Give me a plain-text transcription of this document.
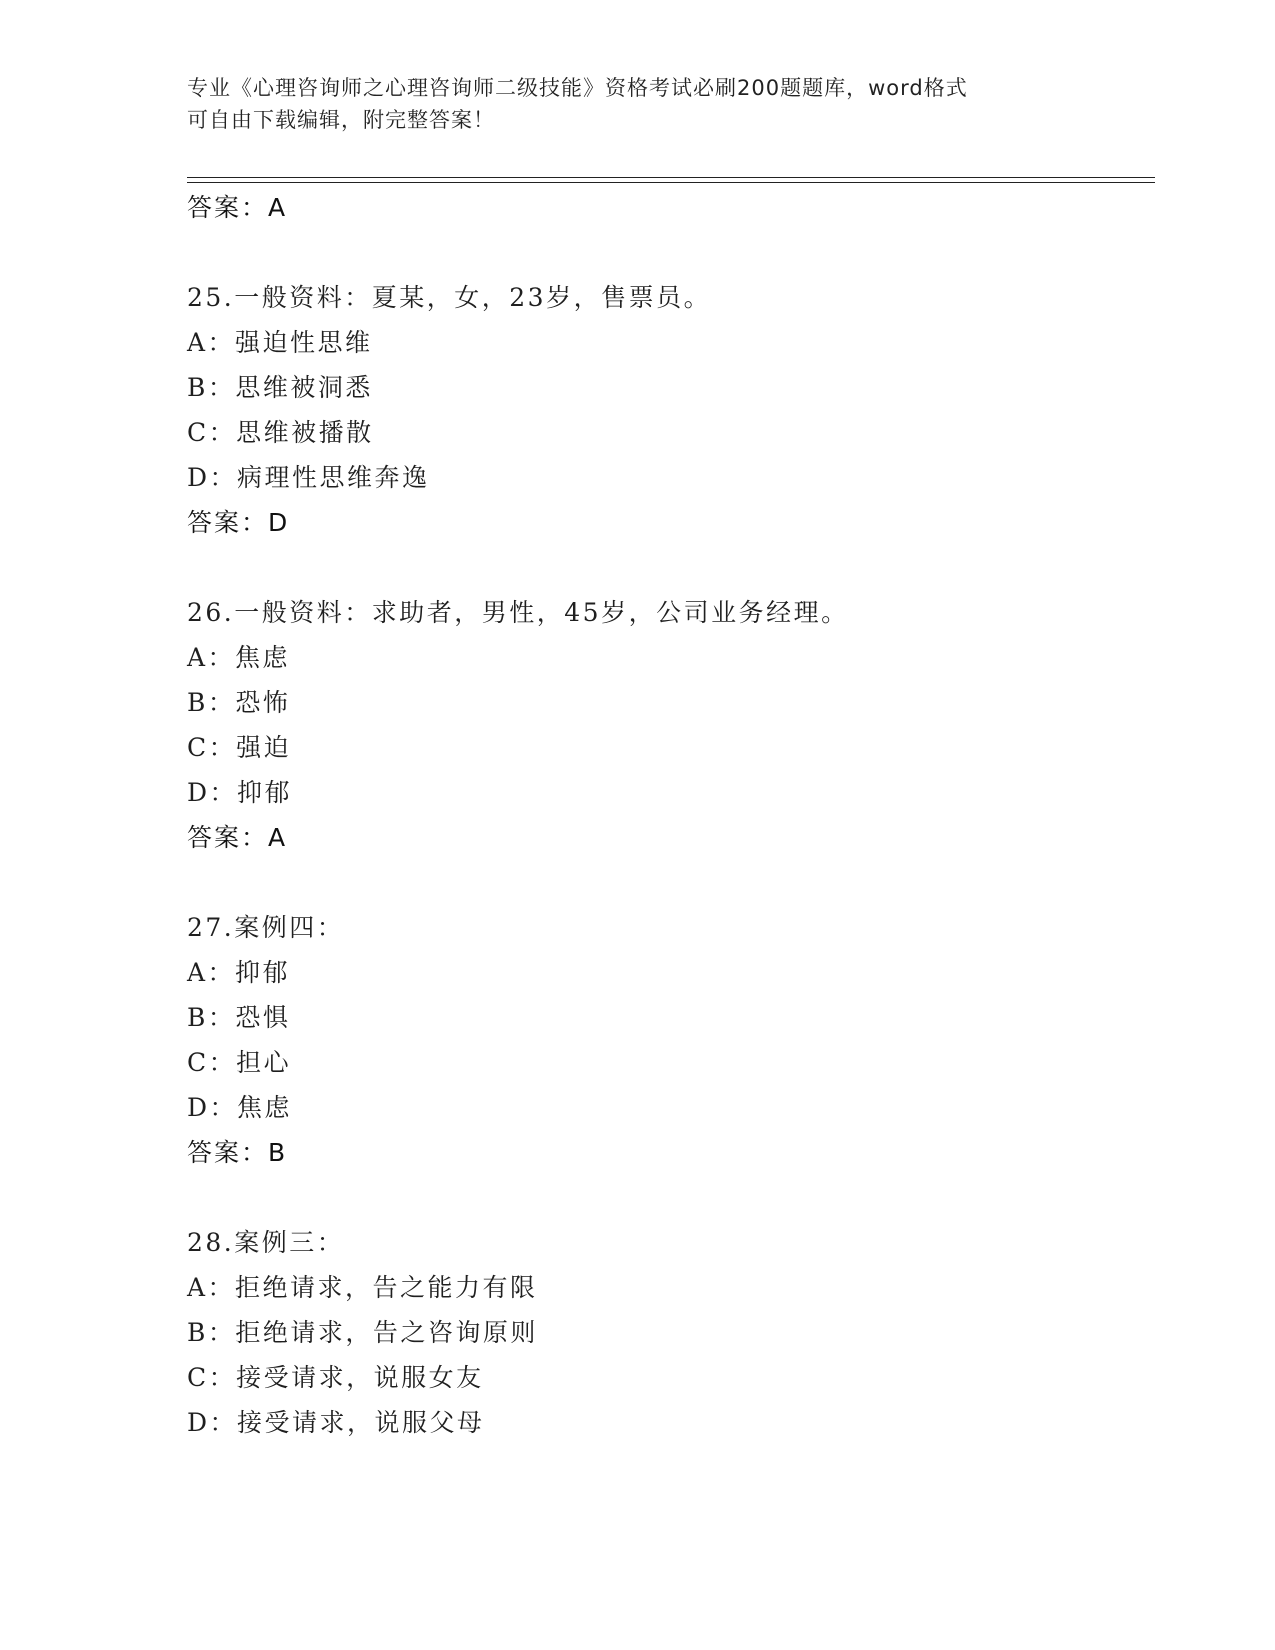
专业《心理咨询师之心理咨询师二级技能》资格考试必刷200题题库，word格式
可自由下载编辑，附完整答案！
答案：A
25.一般资料：夏某，女，23岁，售票员。
A：强迫性思维
B：思维被洞悉
C：思维被播散
D：病理性思维奔逸
答案：D
26.一般资料：求助者，男性，45岁，公司业务经理。
A：焦虑
B：恐怖
C：强迫
D：抑郁
答案：A
27.案例四：
A：抑郁
B：恐惧
C：担心
D：焦虑
答案：B
28.案例三：
A：拒绝请求，告之能力有限
B：拒绝请求，告之咨询原则
C：接受请求，说服女友
D：接受请求，说服父母
